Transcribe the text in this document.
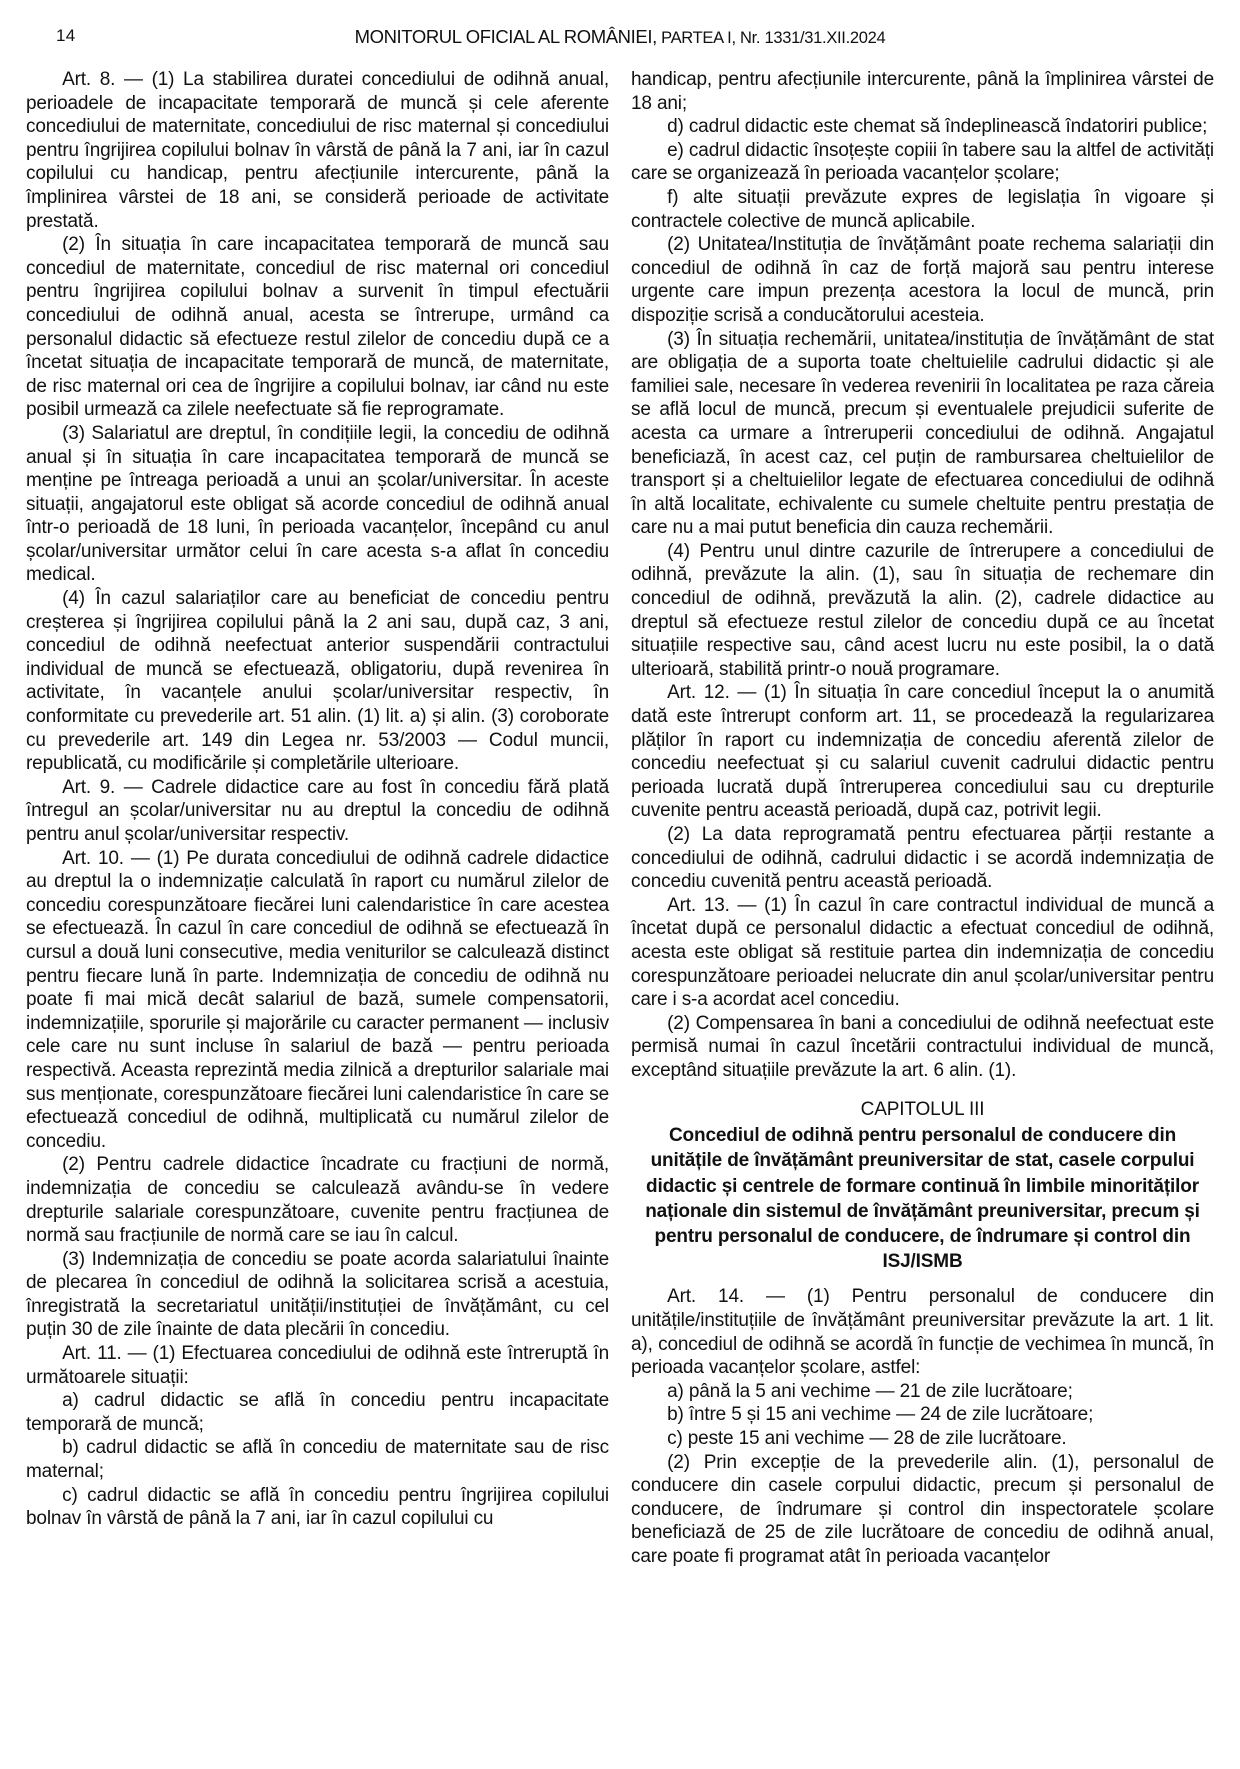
14	MONITORUL OFICIAL AL ROMÂNIEI, PARTEA I, Nr. 1331/31.XII.2024

Art. 8. — (1) La stabilirea duratei concediului de odihnă anual, perioadele de incapacitate temporară de muncă și cele aferente concediului de maternitate, concediului de risc maternal și concediului pentru îngrijirea copilului bolnav în vârstă de până la 7 ani, iar în cazul copilului cu handicap, pentru afecțiunile intercurente, până la împlinirea vârstei de 18 ani, se consideră perioade de activitate prestată.

(2) În situația în care incapacitatea temporară de muncă sau concediul de maternitate, concediul de risc maternal ori concediul pentru îngrijirea copilului bolnav a survenit în timpul efectuării concediului de odihnă anual, acesta se întrerupe, urmând ca personalul didactic să efectueze restul zilelor de concediu după ce a încetat situația de incapacitate temporară de muncă, de maternitate, de risc maternal ori cea de îngrijire a copilului bolnav, iar când nu este posibil urmează ca zilele neefectuate să fie reprogramate.

(3) Salariatul are dreptul, în condițiile legii, la concediu de odihnă anual și în situația în care incapacitatea temporară de muncă se menține pe întreaga perioadă a unui an școlar/universitar. În aceste situații, angajatorul este obligat să acorde concediul de odihnă anual într-o perioadă de 18 luni, în perioada vacanțelor, începând cu anul școlar/universitar următor celui în care acesta s-a aflat în concediu medical.

(4) În cazul salariaților care au beneficiat de concediu pentru creșterea și îngrijirea copilului până la 2 ani sau, după caz, 3 ani, concediul de odihnă neefectuat anterior suspendării contractului individual de muncă se efectuează, obligatoriu, după revenirea în activitate, în vacanțele anului școlar/universitar respectiv, în conformitate cu prevederile art. 51 alin. (1) lit. a) și alin. (3) coroborate cu prevederile art. 149 din Legea nr. 53/2003 — Codul muncii, republicată, cu modificările și completările ulterioare.

Art. 9. — Cadrele didactice care au fost în concediu fără plată întregul an școlar/universitar nu au dreptul la concediu de odihnă pentru anul școlar/universitar respectiv.

Art. 10. — (1) Pe durata concediului de odihnă cadrele didactice au dreptul la o indemnizație calculată în raport cu numărul zilelor de concediu corespunzătoare fiecărei luni calendaristice în care acestea se efectuează. În cazul în care concediul de odihnă se efectuează în cursul a două luni consecutive, media veniturilor se calculează distinct pentru fiecare lună în parte. Indemnizația de concediu de odihnă nu poate fi mai mică decât salariul de bază, sumele compensatorii, indemnizațiile, sporurile și majorările cu caracter permanent — inclusiv cele care nu sunt incluse în salariul de bază — pentru perioada respectivă. Aceasta reprezintă media zilnică a drepturilor salariale mai sus menționate, corespunzătoare fiecărei luni calendaristice în care se efectuează concediul de odihnă, multiplicată cu numărul zilelor de concediu.

(2) Pentru cadrele didactice încadrate cu fracțiuni de normă, indemnizația de concediu se calculează avându-se în vedere drepturile salariale corespunzătoare, cuvenite pentru fracțiunea de normă sau fracțiunile de normă care se iau în calcul.

(3) Indemnizația de concediu se poate acorda salariatului înainte de plecarea în concediul de odihnă la solicitarea scrisă a acestuia, înregistrată la secretariatul unității/instituției de învățământ, cu cel puțin 30 de zile înainte de data plecării în concediu.

Art. 11. — (1) Efectuarea concediului de odihnă este întreruptă în următoarele situații:

a) cadrul didactic se află în concediu pentru incapacitate temporară de muncă;

b) cadrul didactic se află în concediu de maternitate sau de risc maternal;

c) cadrul didactic se află în concediu pentru îngrijirea copilului bolnav în vârstă de până la 7 ani, iar în cazul copilului cu

handicap, pentru afecțiunile intercurente, până la împlinirea vârstei de 18 ani;

d) cadrul didactic este chemat să îndeplinească îndatoriri publice;

e) cadrul didactic însoțește copiii în tabere sau la altfel de activități care se organizează în perioada vacanțelor școlare;

f) alte situații prevăzute expres de legislația în vigoare și contractele colective de muncă aplicabile.

(2) Unitatea/Instituția de învățământ poate rechema salariații din concediul de odihnă în caz de forță majoră sau pentru interese urgente care impun prezența acestora la locul de muncă, prin dispoziție scrisă a conducătorului acesteia.

(3) În situația rechemării, unitatea/instituția de învățământ de stat are obligația de a suporta toate cheltuielile cadrului didactic și ale familiei sale, necesare în vederea revenirii în localitatea pe raza căreia se află locul de muncă, precum și eventualele prejudicii suferite de acesta ca urmare a întreruperii concediului de odihnă. Angajatul beneficiază, în acest caz, cel puțin de rambursarea cheltuielilor de transport și a cheltuielilor legate de efectuarea concediului de odihnă în altă localitate, echivalente cu sumele cheltuite pentru prestația de care nu a mai putut beneficia din cauza rechemării.

(4) Pentru unul dintre cazurile de întrerupere a concediului de odihnă, prevăzute la alin. (1), sau în situația de rechemare din concediul de odihnă, prevăzută la alin. (2), cadrele didactice au dreptul să efectueze restul zilelor de concediu după ce au încetat situațiile respective sau, când acest lucru nu este posibil, la o dată ulterioară, stabilită printr-o nouă programare.

Art. 12. — (1) În situația în care concediul început la o anumită dată este întrerupt conform art. 11, se procedează la regularizarea plăților în raport cu indemnizația de concediu aferentă zilelor de concediu neefectuat și cu salariul cuvenit cadrului didactic pentru perioada lucrată după întreruperea concediului sau cu drepturile cuvenite pentru această perioadă, după caz, potrivit legii.

(2) La data reprogramată pentru efectuarea părții restante a concediului de odihnă, cadrului didactic i se acordă indemnizația de concediu cuvenită pentru această perioadă.

Art. 13. — (1) În cazul în care contractul individual de muncă a încetat după ce personalul didactic a efectuat concediul de odihnă, acesta este obligat să restituie partea din indemnizația de concediu corespunzătoare perioadei nelucrate din anul școlar/universitar pentru care i s-a acordat acel concediu.

(2) Compensarea în bani a concediului de odihnă neefectuat este permisă numai în cazul încetării contractului individual de muncă, exceptând situațiile prevăzute la art. 6 alin. (1).

CAPITOLUL III

Concediul de odihnă pentru personalul de conducere din unitățile de învățământ preuniversitar de stat, casele corpului didactic și centrele de formare continuă în limbile minorităților naționale din sistemul de învățământ preuniversitar, precum și pentru personalul de conducere, de îndrumare și control din ISJ/ISMB

Art. 14. — (1) Pentru personalul de conducere din unitățile/instituțiile de învățământ preuniversitar prevăzute la art. 1 lit. a), concediul de odihnă se acordă în funcție de vechimea în muncă, în perioada vacanțelor școlare, astfel:

a) până la 5 ani vechime — 21 de zile lucrătoare;

b) între 5 și 15 ani vechime — 24 de zile lucrătoare;

c) peste 15 ani vechime — 28 de zile lucrătoare.

(2) Prin excepție de la prevederile alin. (1), personalul de conducere din casele corpului didactic, precum și personalul de conducere, de îndrumare și control din inspectoratele școlare beneficiază de 25 de zile lucrătoare de concediu de odihnă anual, care poate fi programat atât în perioada vacanțelor
